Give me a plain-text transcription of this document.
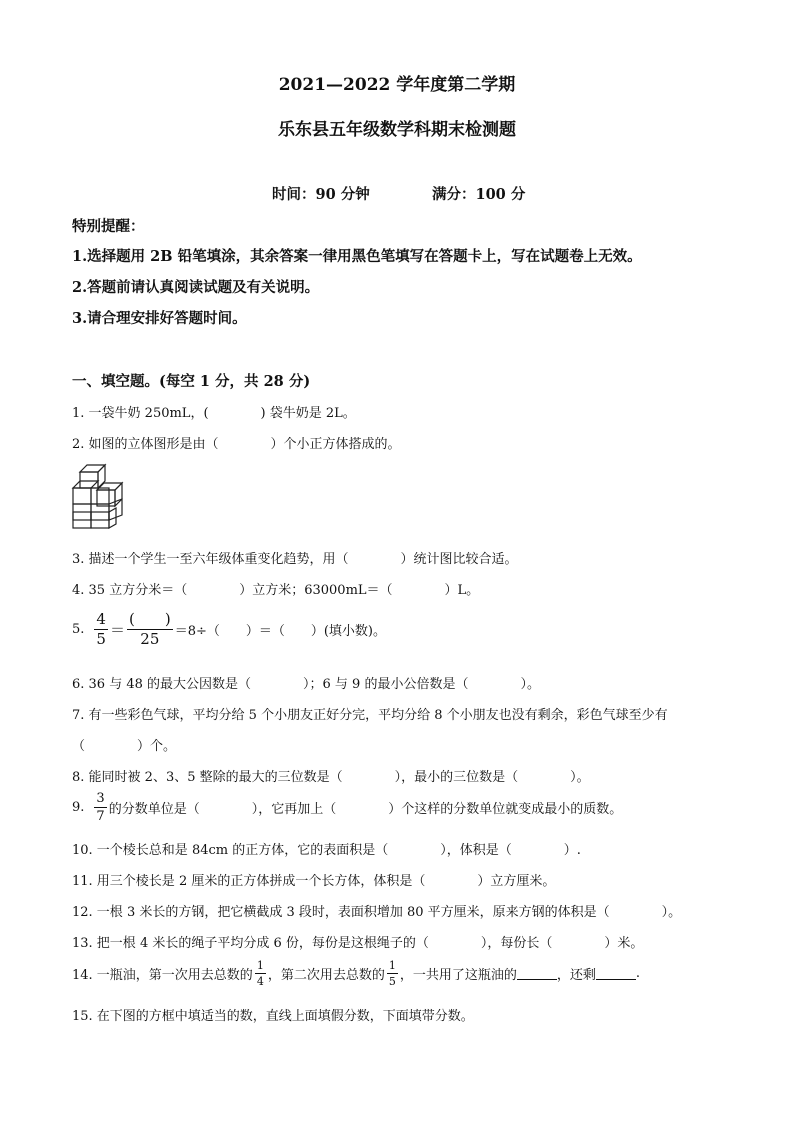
2021—2022 学年度第二学期
乐东县五年级数学科期末检测题
时间：90 分钟	满分：100 分
特别提醒：
1.选择题用 2B 铅笔填涂，其余答案一律用黑色笔填写在答题卡上，写在试题卷上无效。
2.答题前请认真阅读试题及有关说明。
3.请合理安排好答题时间。
一、填空题。(每空 1 分，共 28 分)
1. 一袋牛奶 250mL，(　　　　) 袋牛奶是 2L。
2. 如图的立体图形是由（　　　　）个小正方体搭成的。
3. 描述一个学生一至六年级体重变化趋势，用（　　　　）统计图比较合适。
4. 35 立方分米＝（　　　　）立方米；63000mL＝（　　　　）L。
5. $\frac{4}{5} = \frac{( )}{25} =8\div$（　　）＝（　　）(填小数)。
6. 36 与 48 的最大公因数是（　　　　）；6 与 9 的最小公倍数是（　　　　）。
7. 有一些彩色气球，平均分给 5 个小朋友正好分完，平均分给 8 个小朋友也没有剩余，彩色气球至少有
（　　　　）个。
8. 能同时被 2、3、5 整除的最大的三位数是（　　　　），最小的三位数是（　　　　）。
9. $\frac{3}{7}$ 的分数单位是（　　　　），它再加上（　　　　）个这样的分数单位就变成最小的质数。
10. 一个棱长总和是 84cm 的正方体，它的表面积是（　　　　），体积是（　　　　）.
11. 用三个棱长是 2 厘米的正方体拼成一个长方体，体积是（　　　　）立方厘米。
12. 一根 3 米长的方钢，把它横截成 3 段时，表面积增加 80 平方厘米，原来方钢的体积是（　　　　）。
13. 把一根 4 米长的绳子平均分成 6 份，每份是这根绳子的（　　　　），每份长（　　　　）米。
14. 一瓶油，第一次用去总数的 $\frac{1}{4}$ ，第二次用去总数的 $\frac{1}{5}$ ，一共用了这瓶油的	，还剩	.
15. 在下图的方框中填适当的数，直线上面填假分数，下面填带分数。
